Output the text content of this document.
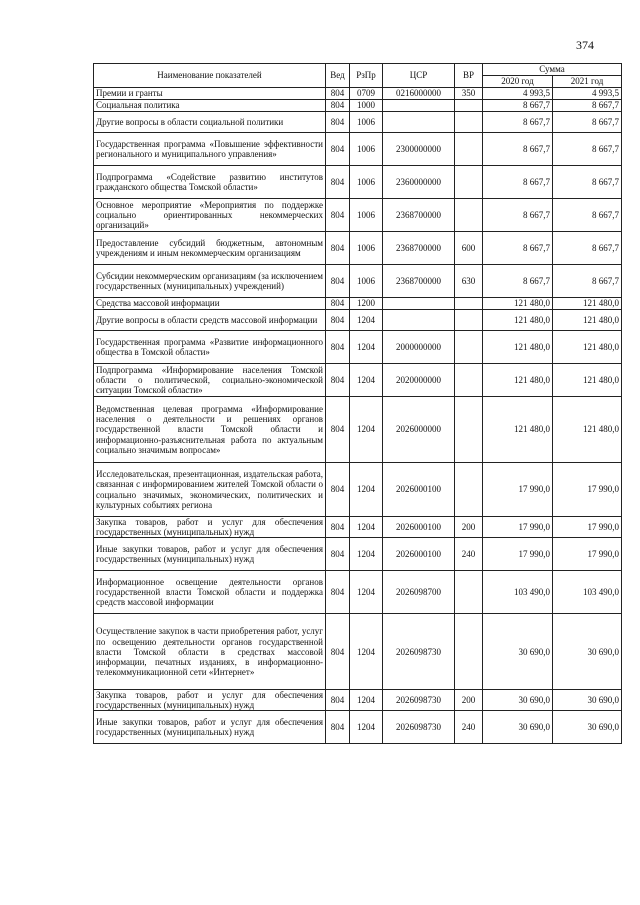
374
Наименование показателей	Вед	РзПр	ЦСР	ВР	Сумма	
					2020 год	2021 год
Премии и гранты	804	0709	0216000000	350	4 993,5	4 993,5
Социальная политика	804	1000			8 667,7	8 667,7
Другие вопросы в области социальной политики	804	1006			8 667,7	8 667,7
Государственная программа «Повышение эффективности регионального и муниципального управления»	804	1006	2300000000		8 667,7	8 667,7
Подпрограмма «Содействие развитию институтов гражданского общества Томской области»	804	1006	2360000000		8 667,7	8 667,7
Основное мероприятие «Мероприятия по поддержке социально ориентированных некоммерческих организаций»	804	1006	2368700000		8 667,7	8 667,7
Предоставление субсидий бюджетным, автономным учреждениям и иным некоммерческим организациям	804	1006	2368700000	600	8 667,7	8 667,7
Субсидии некоммерческим организациям (за исключением государственных (муниципальных) учреждений)	804	1006	2368700000	630	8 667,7	8 667,7
Средства массовой информации	804	1200			121 480,0	121 480,0
Другие вопросы в области средств массовой информации	804	1204			121 480,0	121 480,0
Государственная программа «Развитие информационного общества в Томской области»	804	1204	2000000000		121 480,0	121 480,0
Подпрограмма «Информирование населения Томской области о политической, социально-экономической ситуации Томской области»	804	1204	2020000000		121 480,0	121 480,0
Ведомственная целевая программа «Информирование населения о деятельности и решениях органов государственной власти Томской области и информационно-разъяснительная работа по актуальным социально значимым вопросам»	804	1204	2026000000		121 480,0	121 480,0
Исследовательская, презентационная, издательская работа, связанная с информированием жителей Томской области о социально значимых, экономических, политических и культурных событиях региона	804	1204	2026000100		17 990,0	17 990,0
Закупка товаров, работ и услуг для обеспечения государственных (муниципальных) нужд	804	1204	2026000100	200	17 990,0	17 990,0
Иные закупки товаров, работ и услуг для обеспечения государственных (муниципальных) нужд	804	1204	2026000100	240	17 990,0	17 990,0
Информационное освещение деятельности органов государственной власти Томской области и поддержка средств массовой информации	804	1204	2026098700		103 490,0	103 490,0
Осуществление закупок в части приобретения работ, услуг по освещению деятельности органов государственной власти Томской области в средствах массовой информации, печатных изданиях, в информационно-телекоммуникационной сети «Интернет»	804	1204	2026098730		30 690,0	30 690,0
Закупка товаров, работ и услуг для обеспечения государственных (муниципальных) нужд	804	1204	2026098730	200	30 690,0	30 690,0
Иные закупки товаров, работ и услуг для обеспечения государственных (муниципальных) нужд	804	1204	2026098730	240	30 690,0	30 690,0
